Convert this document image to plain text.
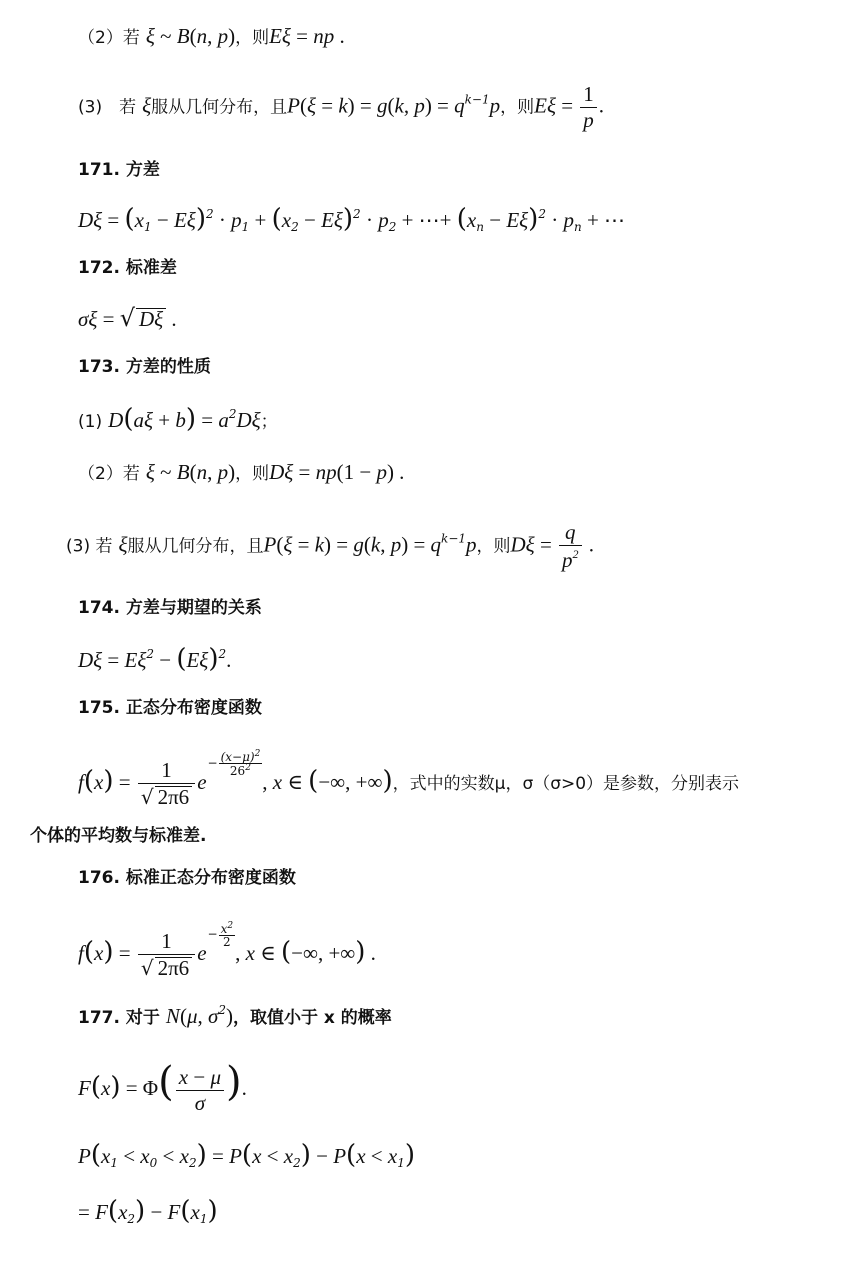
（2）若 ξ ~ B(n, p)，则Eξ = np .
(3)　若 ξ服从几何分布，且P(ξ = k) = g(k, $p) = q^{k-1}p$，则$E\xi = \frac{1}{p}$ .
171. 方差
$D\xi = (x_1 - E\xi)^2 \cdot p_1 + (x_2 - E\xi)^2 \cdot p_2$ + ⋯+ $(x_n - E\xi)^2 \cdot p_n$ + ⋯
172. 标准差
σξ = √ Dξ .
173. 方差的性质
(1) $D(a\xi + b) = a^2D\xi$；
（2）若 ξ ~ B(n, p)，则Dξ = np(1 − p) .
(3) 若 ξ服从几何分布，且P(ξ = k) = g(k, $p) = q^{k-1}p$，则$D\xi = \frac{q}{p^2}$ .
174. 方差与期望的关系
$D\xi = E\xi^2 - (E\xi)^2$.
175. 正态分布密度函数
$f(x) = \frac{1}{√ 2\pi 6} e- \frac{(x-\mu)^2}{26^2}$
, x ∈ (−∞, +∞)，式中的实数μ，σ（σ>0）是参数，分别表示
个体的平均数与标准差.
176. 标准正态分布密度函数
$f(x) = \frac{1}{√ 2\pi 6} e- \frac{x^2}{2}$
, x ∈ (−∞, +∞) .
177. 对于 N(μ, $\sigma^2$)，取值小于 x 的概率
$F(x) = \Phi( \frac{x - \mu}{\sigma}$ ).
$P(x_1 < x_0 < x_2) = P(x < x_2) - P(x < x_1)$
= $F(x_2) - F(x_1)$
